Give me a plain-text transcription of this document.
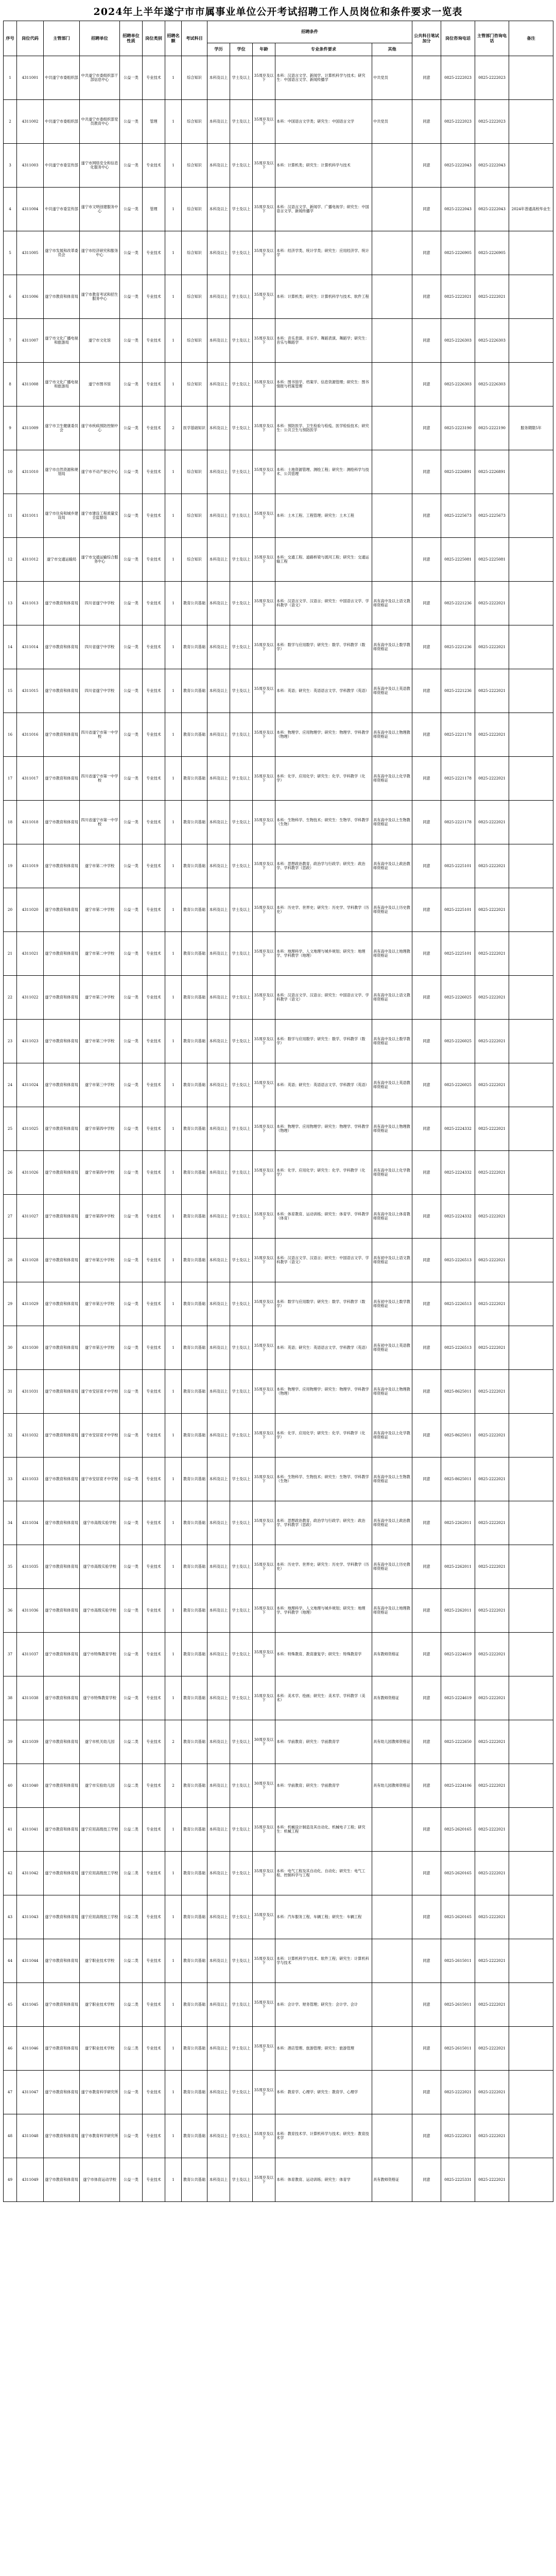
2024年上半年遂宁市市属事业单位公开考试招聘工作人员岗位和条件要求一览表
序号	岗位代码	主管部门	招聘单位	招聘单位性质	岗位类别	招聘名额	考试科目	招聘条件					公共科目笔试加分	岗位咨询电话	主管部门咨询电话	备注
								学历	学位	年龄	专业条件要求	其他				
1	4311001	中共遂宁市委组织部	中共遂宁市委组织部干部信息中心	公益一类	专业技术	1	综合知识	本科及以上	学士及以上	35周岁及以下	本科：汉语言文学、新闻学、计算机科学与技术；研究生：中国语言文学、新闻传播学	中共党员	同意	0825-2222023	0825-2222023	
2	4311002	中共遂宁市委组织部	中共遂宁市委组织部党员教育中心	公益一类	管理	1	综合知识	本科及以上	学士及以上	35周岁及以下	本科：中国语言文学类；研究生：中国语言文学	中共党员	同意	0825-2222023	0825-2222023	
3	4311003	中共遂宁市委宣传部	遂宁市网络安全和信息化服务中心	公益一类	专业技术	1	综合知识	本科及以上	学士及以上	35周岁及以下	本科：计算机类；研究生：计算机科学与技术		同意	0825-2222043	0825-2222043	
4	4311004	中共遂宁市委宣传部	遂宁市文明创建服务中心	公益一类	管理	1	综合知识	本科及以上	学士及以上	35周岁及以下	本科：汉语言文学、新闻学、广播电视学；研究生：中国语言文学、新闻传播学		同意	0825-2222043	0825-2222043	2024年普通高校毕业生
5	4311005	遂宁市发展和改革委员会	遂宁市经济研究和服务中心	公益一类	专业技术	1	综合知识	本科及以上	学士及以上	35周岁及以下	本科：经济学类、统计学类；研究生：应用经济学、统计学		同意	0825-2226905	0825-2226905	
6	4311006	遂宁市教育和体育局	遂宁市教育考试和招生服务中心	公益一类	专业技术	1	综合知识	本科及以上	学士及以上	35周岁及以下	本科：计算机类；研究生：计算机科学与技术、软件工程		同意	0825-2222021	0825-2222021	
7	4311007	遂宁市文化广播电视和旅游局	遂宁市文化馆	公益一类	专业技术	1	综合知识	本科及以上	学士及以上	35周岁及以下	本科：音乐表演、音乐学、舞蹈表演、舞蹈学；研究生：音乐与舞蹈学		同意	0825-2226303	0825-2226303	
8	4311008	遂宁市文化广播电视和旅游局	遂宁市图书馆	公益一类	专业技术	1	综合知识	本科及以上	学士及以上	35周岁及以下	本科：图书馆学、档案学、信息资源管理；研究生：图书情报与档案管理		同意	0825-2226303	0825-2226303	
9	4311009	遂宁市卫生健康委员会	遂宁市疾病预防控制中心	公益一类	专业技术	2	医学基础知识	本科及以上	学士及以上	35周岁及以下	本科：预防医学、卫生检验与检疫、医学检验技术；研究生：公共卫生与预防医学		同意	0825-2223190	0825-2222190	服务期限5年
10	4311010	遂宁市自然资源和规划局	遂宁市不动产登记中心	公益一类	专业技术	1	综合知识	本科及以上	学士及以上	35周岁及以下	本科：土地资源管理、测绘工程；研究生：测绘科学与技术、公共管理		同意	0825-2226891	0825-2226891	
11	4311011	遂宁市住房和城乡建设局	遂宁市建设工程质量安全监督站	公益一类	专业技术	1	综合知识	本科及以上	学士及以上	35周岁及以下	本科：土木工程、工程管理；研究生：土木工程		同意	0825-2225673	0825-2225673	
12	4311012	遂宁市交通运输局	遂宁市交通运输综合服务中心	公益一类	专业技术	1	综合知识	本科及以上	学士及以上	35周岁及以下	本科：交通工程、道路桥梁与渡河工程；研究生：交通运输工程		同意	0825-2225081	0825-2225081	
13	4311013	遂宁市教育和体育局	四川省遂宁中学校	公益一类	专业技术	1	教育公共基础	本科及以上	学士及以上	35周岁及以下	本科：汉语言文学、汉语言；研究生：中国语言文学、学科教学（语文）	具有高中及以上语文教师资格证	同意	0825-2221236	0825-2222021	
14	4311014	遂宁市教育和体育局	四川省遂宁中学校	公益一类	专业技术	1	教育公共基础	本科及以上	学士及以上	35周岁及以下	本科：数学与应用数学；研究生：数学、学科教学（数学）	具有高中及以上数学教师资格证	同意	0825-2221236	0825-2222021	
15	4311015	遂宁市教育和体育局	四川省遂宁中学校	公益一类	专业技术	1	教育公共基础	本科及以上	学士及以上	35周岁及以下	本科：英语；研究生：英语语言文学、学科教学（英语）	具有高中及以上英语教师资格证	同意	0825-2221236	0825-2222021	
16	4311016	遂宁市教育和体育局	四川省遂宁市第一中学校	公益一类	专业技术	1	教育公共基础	本科及以上	学士及以上	35周岁及以下	本科：物理学、应用物理学；研究生：物理学、学科教学（物理）	具有高中及以上物理教师资格证	同意	0825-2221178	0825-2222021	
17	4311017	遂宁市教育和体育局	四川省遂宁市第一中学校	公益一类	专业技术	1	教育公共基础	本科及以上	学士及以上	35周岁及以下	本科：化学、应用化学；研究生：化学、学科教学（化学）	具有高中及以上化学教师资格证	同意	0825-2221178	0825-2222021	
18	4311018	遂宁市教育和体育局	四川省遂宁市第一中学校	公益一类	专业技术	1	教育公共基础	本科及以上	学士及以上	35周岁及以下	本科：生物科学、生物技术；研究生：生物学、学科教学（生物）	具有高中及以上生物教师资格证	同意	0825-2221178	0825-2222021	
19	4311019	遂宁市教育和体育局	遂宁市第二中学校	公益一类	专业技术	1	教育公共基础	本科及以上	学士及以上	35周岁及以下	本科：思想政治教育、政治学与行政学；研究生：政治学、学科教学（思政）	具有高中及以上政治教师资格证	同意	0825-2225101	0825-2222021	
20	4311020	遂宁市教育和体育局	遂宁市第二中学校	公益一类	专业技术	1	教育公共基础	本科及以上	学士及以上	35周岁及以下	本科：历史学、世界史；研究生：历史学、学科教学（历史）	具有高中及以上历史教师资格证	同意	0825-2225101	0825-2222021	
21	4311021	遂宁市教育和体育局	遂宁市第二中学校	公益一类	专业技术	1	教育公共基础	本科及以上	学士及以上	35周岁及以下	本科：地理科学、人文地理与城乡规划；研究生：地理学、学科教学（地理）	具有高中及以上地理教师资格证	同意	0825-2225101	0825-2222021	
22	4311022	遂宁市教育和体育局	遂宁市第三中学校	公益一类	专业技术	1	教育公共基础	本科及以上	学士及以上	35周岁及以下	本科：汉语言文学、汉语言；研究生：中国语言文学、学科教学（语文）	具有高中及以上语文教师资格证	同意	0825-2226025	0825-2222021	
23	4311023	遂宁市教育和体育局	遂宁市第三中学校	公益一类	专业技术	1	教育公共基础	本科及以上	学士及以上	35周岁及以下	本科：数学与应用数学；研究生：数学、学科教学（数学）	具有高中及以上数学教师资格证	同意	0825-2226025	0825-2222021	
24	4311024	遂宁市教育和体育局	遂宁市第三中学校	公益一类	专业技术	1	教育公共基础	本科及以上	学士及以上	35周岁及以下	本科：英语；研究生：英语语言文学、学科教学（英语）	具有高中及以上英语教师资格证	同意	0825-2226025	0825-2222021	
25	4311025	遂宁市教育和体育局	遂宁市第四中学校	公益一类	专业技术	1	教育公共基础	本科及以上	学士及以上	35周岁及以下	本科：物理学、应用物理学；研究生：物理学、学科教学（物理）	具有高中及以上物理教师资格证	同意	0825-2224332	0825-2222021	
26	4311026	遂宁市教育和体育局	遂宁市第四中学校	公益一类	专业技术	1	教育公共基础	本科及以上	学士及以上	35周岁及以下	本科：化学、应用化学；研究生：化学、学科教学（化学）	具有高中及以上化学教师资格证	同意	0825-2224332	0825-2222021	
27	4311027	遂宁市教育和体育局	遂宁市第四中学校	公益一类	专业技术	1	教育公共基础	本科及以上	学士及以上	35周岁及以下	本科：体育教育、运动训练；研究生：体育学、学科教学（体育）	具有高中及以上体育教师资格证	同意	0825-2224332	0825-2222021	
28	4311028	遂宁市教育和体育局	遂宁市第五中学校	公益一类	专业技术	1	教育公共基础	本科及以上	学士及以上	35周岁及以下	本科：汉语言文学、汉语言；研究生：中国语言文学、学科教学（语文）	具有初中及以上语文教师资格证	同意	0825-2226513	0825-2222021	
29	4311029	遂宁市教育和体育局	遂宁市第五中学校	公益一类	专业技术	1	教育公共基础	本科及以上	学士及以上	35周岁及以下	本科：数学与应用数学；研究生：数学、学科教学（数学）	具有初中及以上数学教师资格证	同意	0825-2226513	0825-2222021	
30	4311030	遂宁市教育和体育局	遂宁市第五中学校	公益一类	专业技术	1	教育公共基础	本科及以上	学士及以上	35周岁及以下	本科：英语；研究生：英语语言文学、学科教学（英语）	具有初中及以上英语教师资格证	同意	0825-2226513	0825-2222021	
31	4311031	遂宁市教育和体育局	遂宁市安居育才中学校	公益一类	专业技术	1	教育公共基础	本科及以上	学士及以上	35周岁及以下	本科：物理学、应用物理学；研究生：物理学、学科教学（物理）	具有高中及以上物理教师资格证	同意	0825-8625011	0825-2222021	
32	4311032	遂宁市教育和体育局	遂宁市安居育才中学校	公益一类	专业技术	1	教育公共基础	本科及以上	学士及以上	35周岁及以下	本科：化学、应用化学；研究生：化学、学科教学（化学）	具有高中及以上化学教师资格证	同意	0825-8625011	0825-2222021	
33	4311033	遂宁市教育和体育局	遂宁市安居育才中学校	公益一类	专业技术	1	教育公共基础	本科及以上	学士及以上	35周岁及以下	本科：生物科学、生物技术；研究生：生物学、学科教学（生物）	具有高中及以上生物教师资格证	同意	0825-8625011	0825-2222021	
34	4311034	遂宁市教育和体育局	遂宁市高级实验学校	公益一类	专业技术	1	教育公共基础	本科及以上	学士及以上	35周岁及以下	本科：思想政治教育、政治学与行政学；研究生：政治学、学科教学（思政）	具有高中及以上政治教师资格证	同意	0825-2262011	0825-2222021	
35	4311035	遂宁市教育和体育局	遂宁市高级实验学校	公益一类	专业技术	1	教育公共基础	本科及以上	学士及以上	35周岁及以下	本科：历史学、世界史；研究生：历史学、学科教学（历史）	具有高中及以上历史教师资格证	同意	0825-2262011	0825-2222021	
36	4311036	遂宁市教育和体育局	遂宁市高级实验学校	公益一类	专业技术	1	教育公共基础	本科及以上	学士及以上	35周岁及以下	本科：地理科学、人文地理与城乡规划；研究生：地理学、学科教学（地理）	具有高中及以上地理教师资格证	同意	0825-2262011	0825-2222021	
37	4311037	遂宁市教育和体育局	遂宁市特殊教育学校	公益一类	专业技术	1	教育公共基础	本科及以上	学士及以上	35周岁及以下	本科：特殊教育、教育康复学；研究生：特殊教育学	具有教师资格证	同意	0825-2224619	0825-2222021	
38	4311038	遂宁市教育和体育局	遂宁市特殊教育学校	公益一类	专业技术	1	教育公共基础	本科及以上	学士及以上	35周岁及以下	本科：美术学、绘画；研究生：美术学、学科教学（美术）	具有教师资格证	同意	0825-2224619	0825-2222021	
39	4311039	遂宁市教育和体育局	遂宁市机关幼儿园	公益二类	专业技术	2	教育公共基础	本科及以上	学士及以上	30周岁及以下	本科：学前教育；研究生：学前教育学	具有幼儿园教师资格证	同意	0825-2222650	0825-2222021	
40	4311040	遂宁市教育和体育局	遂宁市实验幼儿园	公益二类	专业技术	2	教育公共基础	本科及以上	学士及以上	30周岁及以下	本科：学前教育；研究生：学前教育学	具有幼儿园教师资格证	同意	0825-2224106	0825-2222021	
41	4311041	遂宁市教育和体育局	遂宁应用高级技工学校	公益二类	专业技术	1	教育公共基础	本科及以上	学士及以上	35周岁及以下	本科：机械设计制造及其自动化、机械电子工程；研究生：机械工程		同意	0825-2620165	0825-2222021	
42	4311042	遂宁市教育和体育局	遂宁应用高级技工学校	公益二类	专业技术	1	教育公共基础	本科及以上	学士及以上	35周岁及以下	本科：电气工程及其自动化、自动化；研究生：电气工程、控制科学与工程		同意	0825-2620165	0825-2222021	
43	4311043	遂宁市教育和体育局	遂宁应用高级技工学校	公益二类	专业技术	1	教育公共基础	本科及以上	学士及以上	35周岁及以下	本科：汽车服务工程、车辆工程；研究生：车辆工程		同意	0825-2620165	0825-2222021	
44	4311044	遂宁市教育和体育局	遂宁职业技术学校	公益二类	专业技术	1	教育公共基础	本科及以上	学士及以上	35周岁及以下	本科：计算机科学与技术、软件工程；研究生：计算机科学与技术		同意	0825-2615011	0825-2222021	
45	4311045	遂宁市教育和体育局	遂宁职业技术学校	公益二类	专业技术	1	教育公共基础	本科及以上	学士及以上	35周岁及以下	本科：会计学、财务管理；研究生：会计学、会计		同意	0825-2615011	0825-2222021	
46	4311046	遂宁市教育和体育局	遂宁职业技术学校	公益二类	专业技术	1	教育公共基础	本科及以上	学士及以上	35周岁及以下	本科：酒店管理、旅游管理；研究生：旅游管理		同意	0825-2615011	0825-2222021	
47	4311047	遂宁市教育和体育局	遂宁市教育科学研究所	公益一类	专业技术	1	教育公共基础	本科及以上	学士及以上	35周岁及以下	本科：教育学、心理学；研究生：教育学、心理学		同意	0825-2222021	0825-2222021	
48	4311048	遂宁市教育和体育局	遂宁市教育科学研究所	公益一类	专业技术	1	教育公共基础	本科及以上	学士及以上	35周岁及以下	本科：教育技术学、计算机科学与技术；研究生：教育技术学		同意	0825-2222021	0825-2222021	
49	4311049	遂宁市教育和体育局	遂宁市体育运动学校	公益一类	专业技术	1	教育公共基础	本科及以上	学士及以上	35周岁及以下	本科：体育教育、运动训练；研究生：体育学	具有教师资格证	同意	0825-2225331	0825-2222021	
